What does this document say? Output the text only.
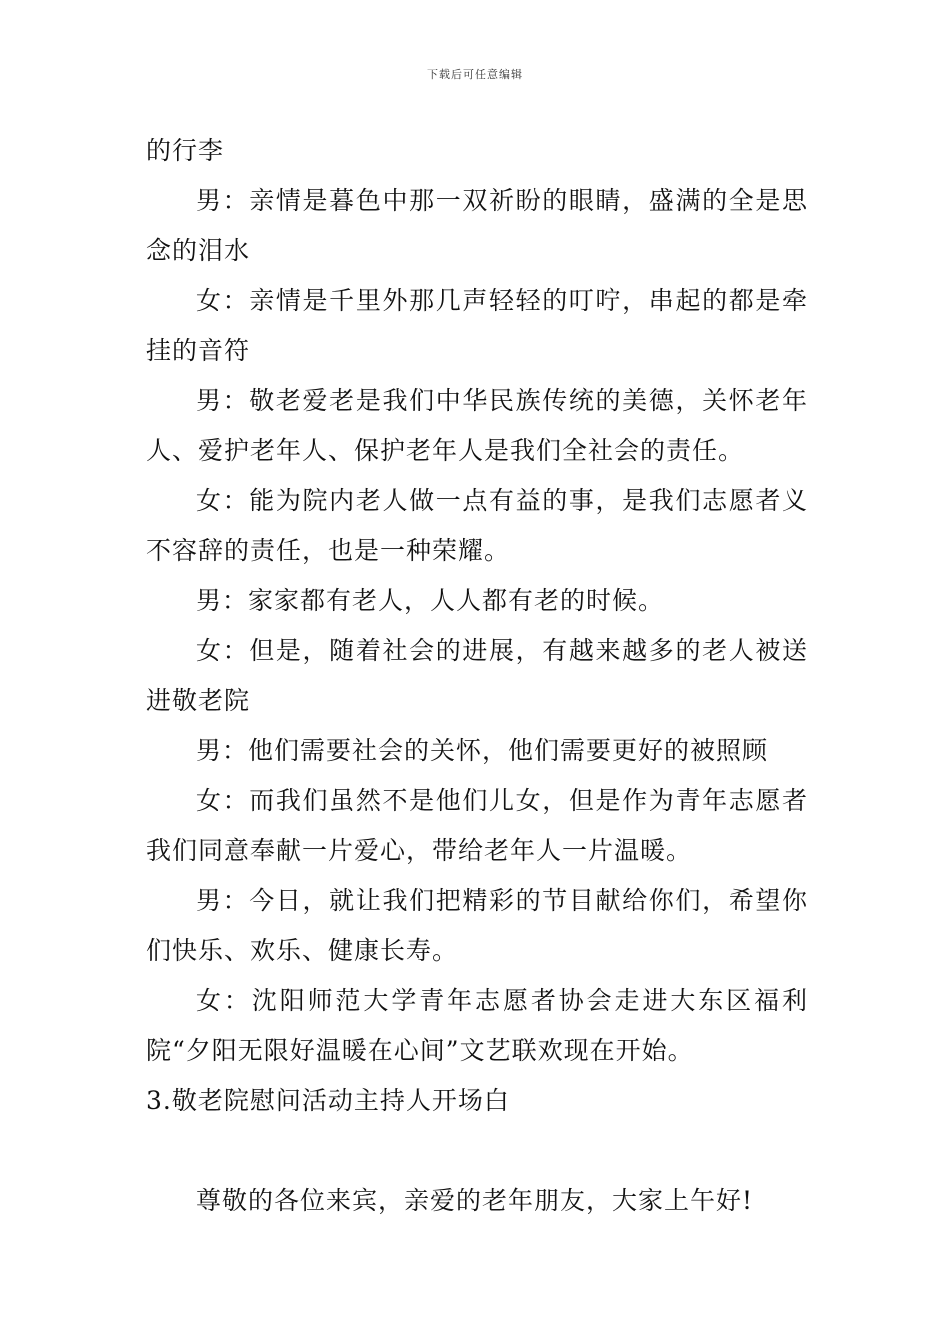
下载后可任意编辑

的行李

男：亲情是暮色中那一双祈盼的眼睛，盛满的全是思念的泪水

女：亲情是千里外那几声轻轻的叮咛，串起的都是牵挂的音符

男：敬老爱老是我们中华民族传统的美德，关怀老年人、爱护老年人、保护老年人是我们全社会的责任。

女：能为院内老人做一点有益的事，是我们志愿者义不容辞的责任，也是一种荣耀。

男：家家都有老人，人人都有老的时候。

女：但是，随着社会的进展，有越来越多的老人被送进敬老院

男：他们需要社会的关怀，他们需要更好的被照顾

女：而我们虽然不是他们儿女，但是作为青年志愿者我们同意奉献一片爱心，带给老年人一片温暖。

男：今日，就让我们把精彩的节目献给你们，希望你们快乐、欢乐、健康长寿。

女：沈阳师范大学青年志愿者协会走进大东区福利院“夕阳无限好温暖在心间”文艺联欢现在开始。

3.敬老院慰问活动主持人开场白

尊敬的各位来宾，亲爱的老年朋友，大家上午好!
